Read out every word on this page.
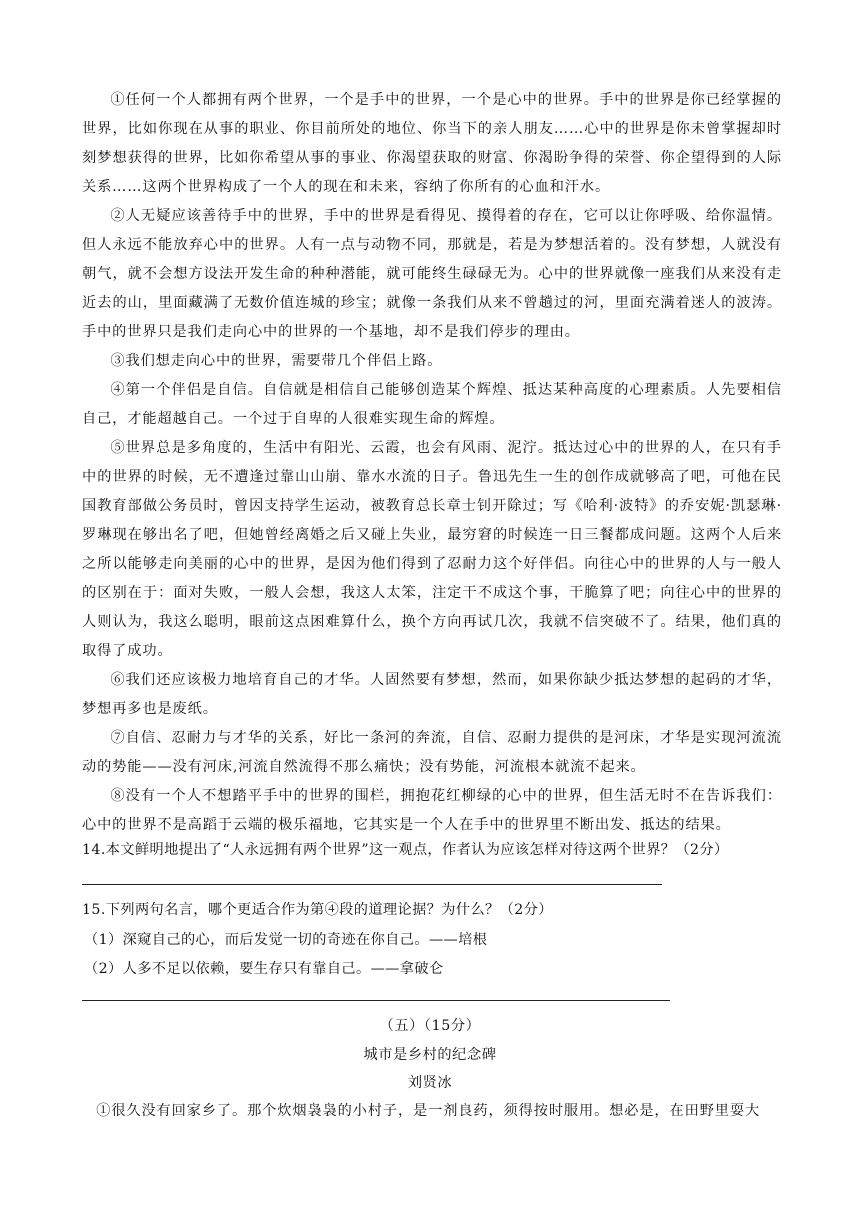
①任何一个人都拥有两个世界，一个是手中的世界，一个是心中的世界。手中的世界是你已经掌握的世界，比如你现在从事的职业、你目前所处的地位、你当下的亲人朋友……心中的世界是你未曾掌握却时刻梦想获得的世界，比如你希望从事的事业、你渴望获取的财富、你渴盼争得的荣誉、你企望得到的人际关系……这两个世界构成了一个人的现在和未来，容纳了你所有的心血和汗水。

②人无疑应该善待手中的世界，手中的世界是看得见、摸得着的存在，它可以让你呼吸、给你温情。但人永远不能放弃心中的世界。人有一点与动物不同，那就是，若是为梦想活着的。没有梦想，人就没有朝气，就不会想方设法开发生命的种种潜能，就可能终生碌碌无为。心中的世界就像一座我们从来没有走近去的山，里面藏满了无数价值连城的珍宝；就像一条我们从来不曾趟过的河，里面充满着迷人的波涛。手中的世界只是我们走向心中的世界的一个基地，却不是我们停步的理由。

③我们想走向心中的世界，需要带几个伴侣上路。

④第一个伴侣是自信。自信就是相信自己能够创造某个辉煌、抵达某种高度的心理素质。人先要相信自己，才能超越自己。一个过于自卑的人很难实现生命的辉煌。

⑤世界总是多角度的，生活中有阳光、云霞，也会有风雨、泥泞。抵达过心中的世界的人，在只有手中的世界的时候，无不遭逢过靠山山崩、靠水水流的日子。鲁迅先生一生的创作成就够高了吧，可他在民国教育部做公务员时，曾因支持学生运动，被教育总长章士钊开除过；写《哈利·波特》的乔安妮·凯瑟琳·罗琳现在够出名了吧，但她曾经离婚之后又碰上失业，最穷窘的时候连一日三餐都成问题。这两个人后来之所以能够走向美丽的心中的世界，是因为他们得到了忍耐力这个好伴侣。向往心中的世界的人与一般人的区别在于：面对失败，一般人会想，我这人太笨，注定干不成这个事，干脆算了吧；向往心中的世界的人则认为，我这么聪明，眼前这点困难算什么，换个方向再试几次，我就不信突破不了。结果，他们真的取得了成功。

⑥我们还应该极力地培育自己的才华。人固然要有梦想，然而，如果你缺少抵达梦想的起码的才华，梦想再多也是废纸。

⑦自信、忍耐力与才华的关系，好比一条河的奔流，自信、忍耐力提供的是河床，才华是实现河流流动的势能——没有河床,河流自然流得不那么痛快；没有势能，河流根本就流不起来。

⑧没有一个人不想踏平手中的世界的围栏，拥抱花红柳绿的心中的世界，但生活无时不在告诉我们：心中的世界不是高蹈于云端的极乐福地，它其实是一个人在手中的世界里不断出发、抵达的结果。

14.本文鲜明地提出了“人永远拥有两个世界”这一观点，作者认为应该怎样对待这两个世界？（2分）

15.下列两句名言，哪个更适合作为第④段的道理论据？为什么？（2分）

（1）深窥自己的心，而后发觉一切的奇迹在你自己。——培根

（2）人多不足以依赖，要生存只有靠自己。——拿破仑

（五）（15分）

城市是乡村的纪念碑

刘贤冰

①很久没有回家乡了。那个炊烟袅袅的小村子，是一剂良药，须得按时服用。想必是，在田野里耍大
